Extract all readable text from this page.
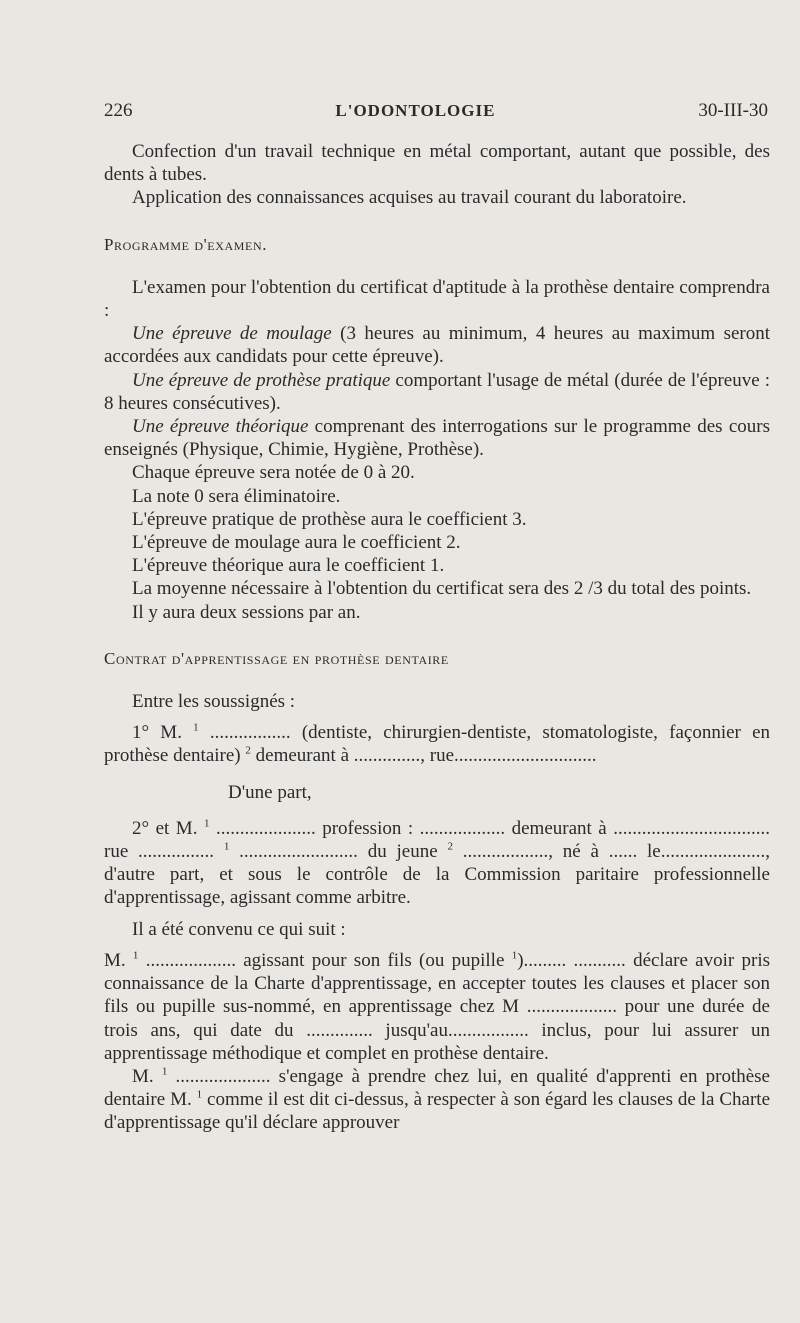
226	L'ODONTOLOGIE	30-III-30

Confection d'un travail technique en métal comportant, autant que possible, des dents à tubes.

Application des connaissances acquises au travail courant du laboratoire.

Programme d'examen.

L'examen pour l'obtention du certificat d'aptitude à la prothèse dentaire comprendra :

Une épreuve de moulage (3 heures au minimum, 4 heures au maximum seront accordées aux candidats pour cette épreuve).

Une épreuve de prothèse pratique comportant l'usage de métal (durée de l'épreuve : 8 heures consécutives).

Une épreuve théorique comprenant des interrogations sur le programme des cours enseignés (Physique, Chimie, Hygiène, Prothèse).

Chaque épreuve sera notée de 0 à 20.

La note 0 sera éliminatoire.

L'épreuve pratique de prothèse aura le coefficient 3.

L'épreuve de moulage aura le coefficient 2.

L'épreuve théorique aura le coefficient 1.

La moyenne nécessaire à l'obtention du certificat sera des 2 /3 du total des points.

Il y aura deux sessions par an.

Contrat d'apprentissage en prothèse dentaire

Entre les soussignés :

1° M. $^1$ ................. (dentiste, chirurgien-dentiste, stomatologiste, façonnier en prothèse dentaire) $^2$ demeurant à .............., rue..............................

D'une part,

2° et M. $^1$ ..................... profession : .................. demeurant à ................................. rue ................ $^1$ ......................... du jeune $^2$ .................., né à ...... le......................, d'autre part, et sous le contrôle de la Commission paritaire professionnelle d'apprentissage, agissant comme arbitre.

Il a été convenu ce qui suit :

M. $^1$ ................... agissant pour son fils (ou pupille $^1$)......... ........... déclare avoir pris connaissance de la Charte d'apprentissage, en accepter toutes les clauses et placer son fils ou pupille sus-nommé, en apprentissage chez M ................... pour une durée de trois ans, qui date du .............. jusqu'au................. inclus, pour lui assurer un apprentissage méthodique et complet en prothèse dentaire.

M. $^1$ .................... s'engage à prendre chez lui, en qualité d'apprenti en prothèse dentaire M. $^1$ comme il est dit ci-dessus, à respecter à son égard les clauses de la Charte d'apprentissage qu'il déclare approuver
